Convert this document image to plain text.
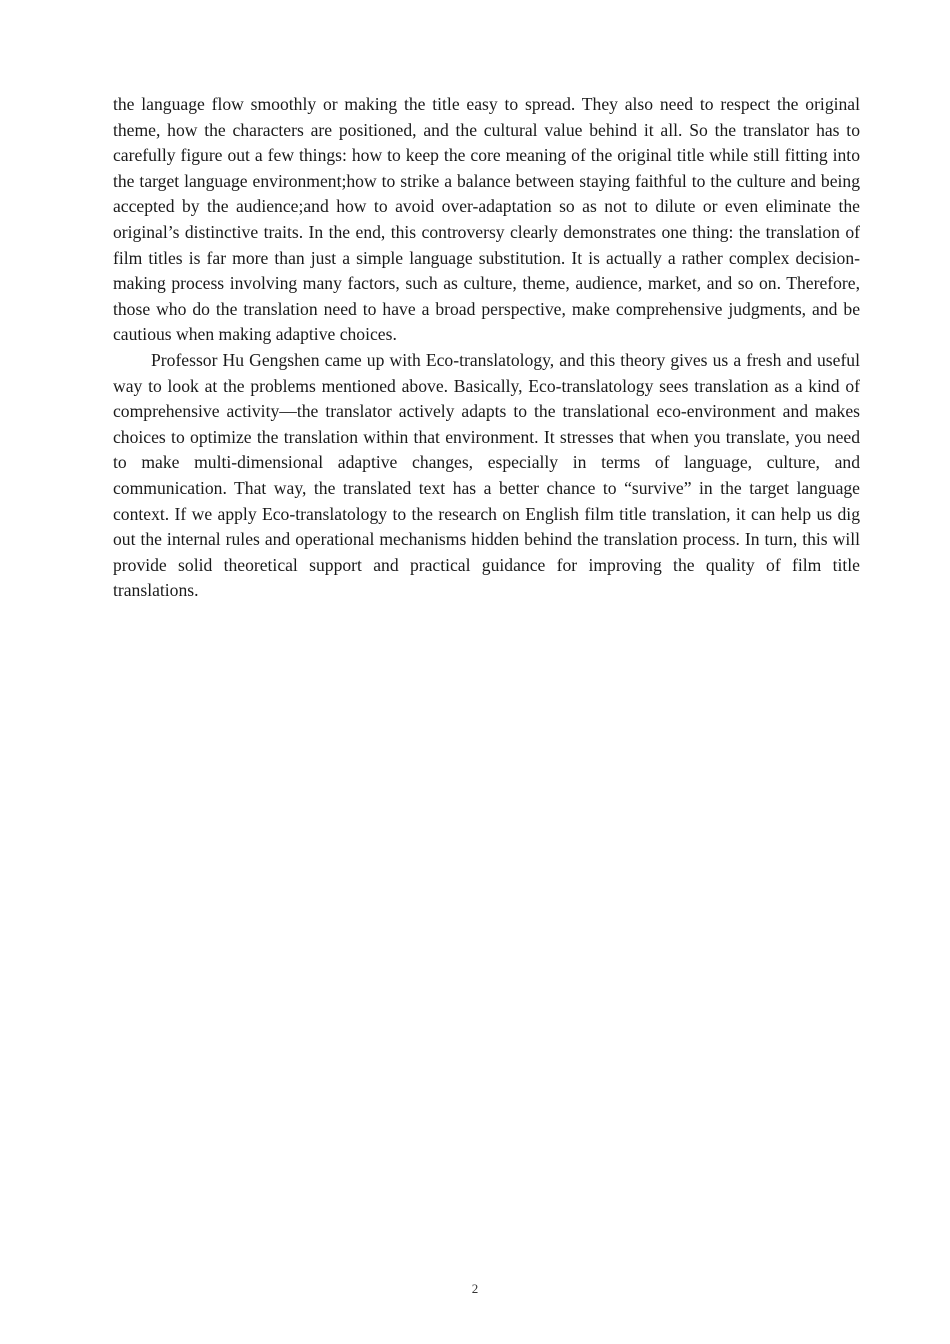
the language flow smoothly or making the title easy to spread. They also need to respect the original theme, how the characters are positioned, and the cultural value behind it all. So the translator has to carefully figure out a few things: how to keep the core meaning of the original title while still fitting into the target language environment;how to strike a balance between staying faithful to the culture and being accepted by the audience;and how to avoid over-adaptation so as not to dilute or even eliminate the original’s distinctive traits. In the end, this controversy clearly demonstrates one thing: the translation of film titles is far more than just a simple language substitution. It is actually a rather complex decision-making process involving many factors, such as culture, theme, audience, market, and so on. Therefore, those who do the translation need to have a broad perspective, make comprehensive judgments, and be cautious when making adaptive choices.

Professor Hu Gengshen came up with Eco-translatology, and this theory gives us a fresh and useful way to look at the problems mentioned above. Basically, Eco-translatology sees translation as a kind of comprehensive activity—the translator actively adapts to the translational eco-environment and makes choices to optimize the translation within that environment. It stresses that when you translate, you need to make multi-dimensional adaptive changes, especially in terms of language, culture, and communication. That way, the translated text has a better chance to “survive” in the target language context. If we apply Eco-translatology to the research on English film title translation, it can help us dig out the internal rules and operational mechanisms hidden behind the translation process. In turn, this will provide solid theoretical support and practical guidance for improving the quality of film title translations.

2
